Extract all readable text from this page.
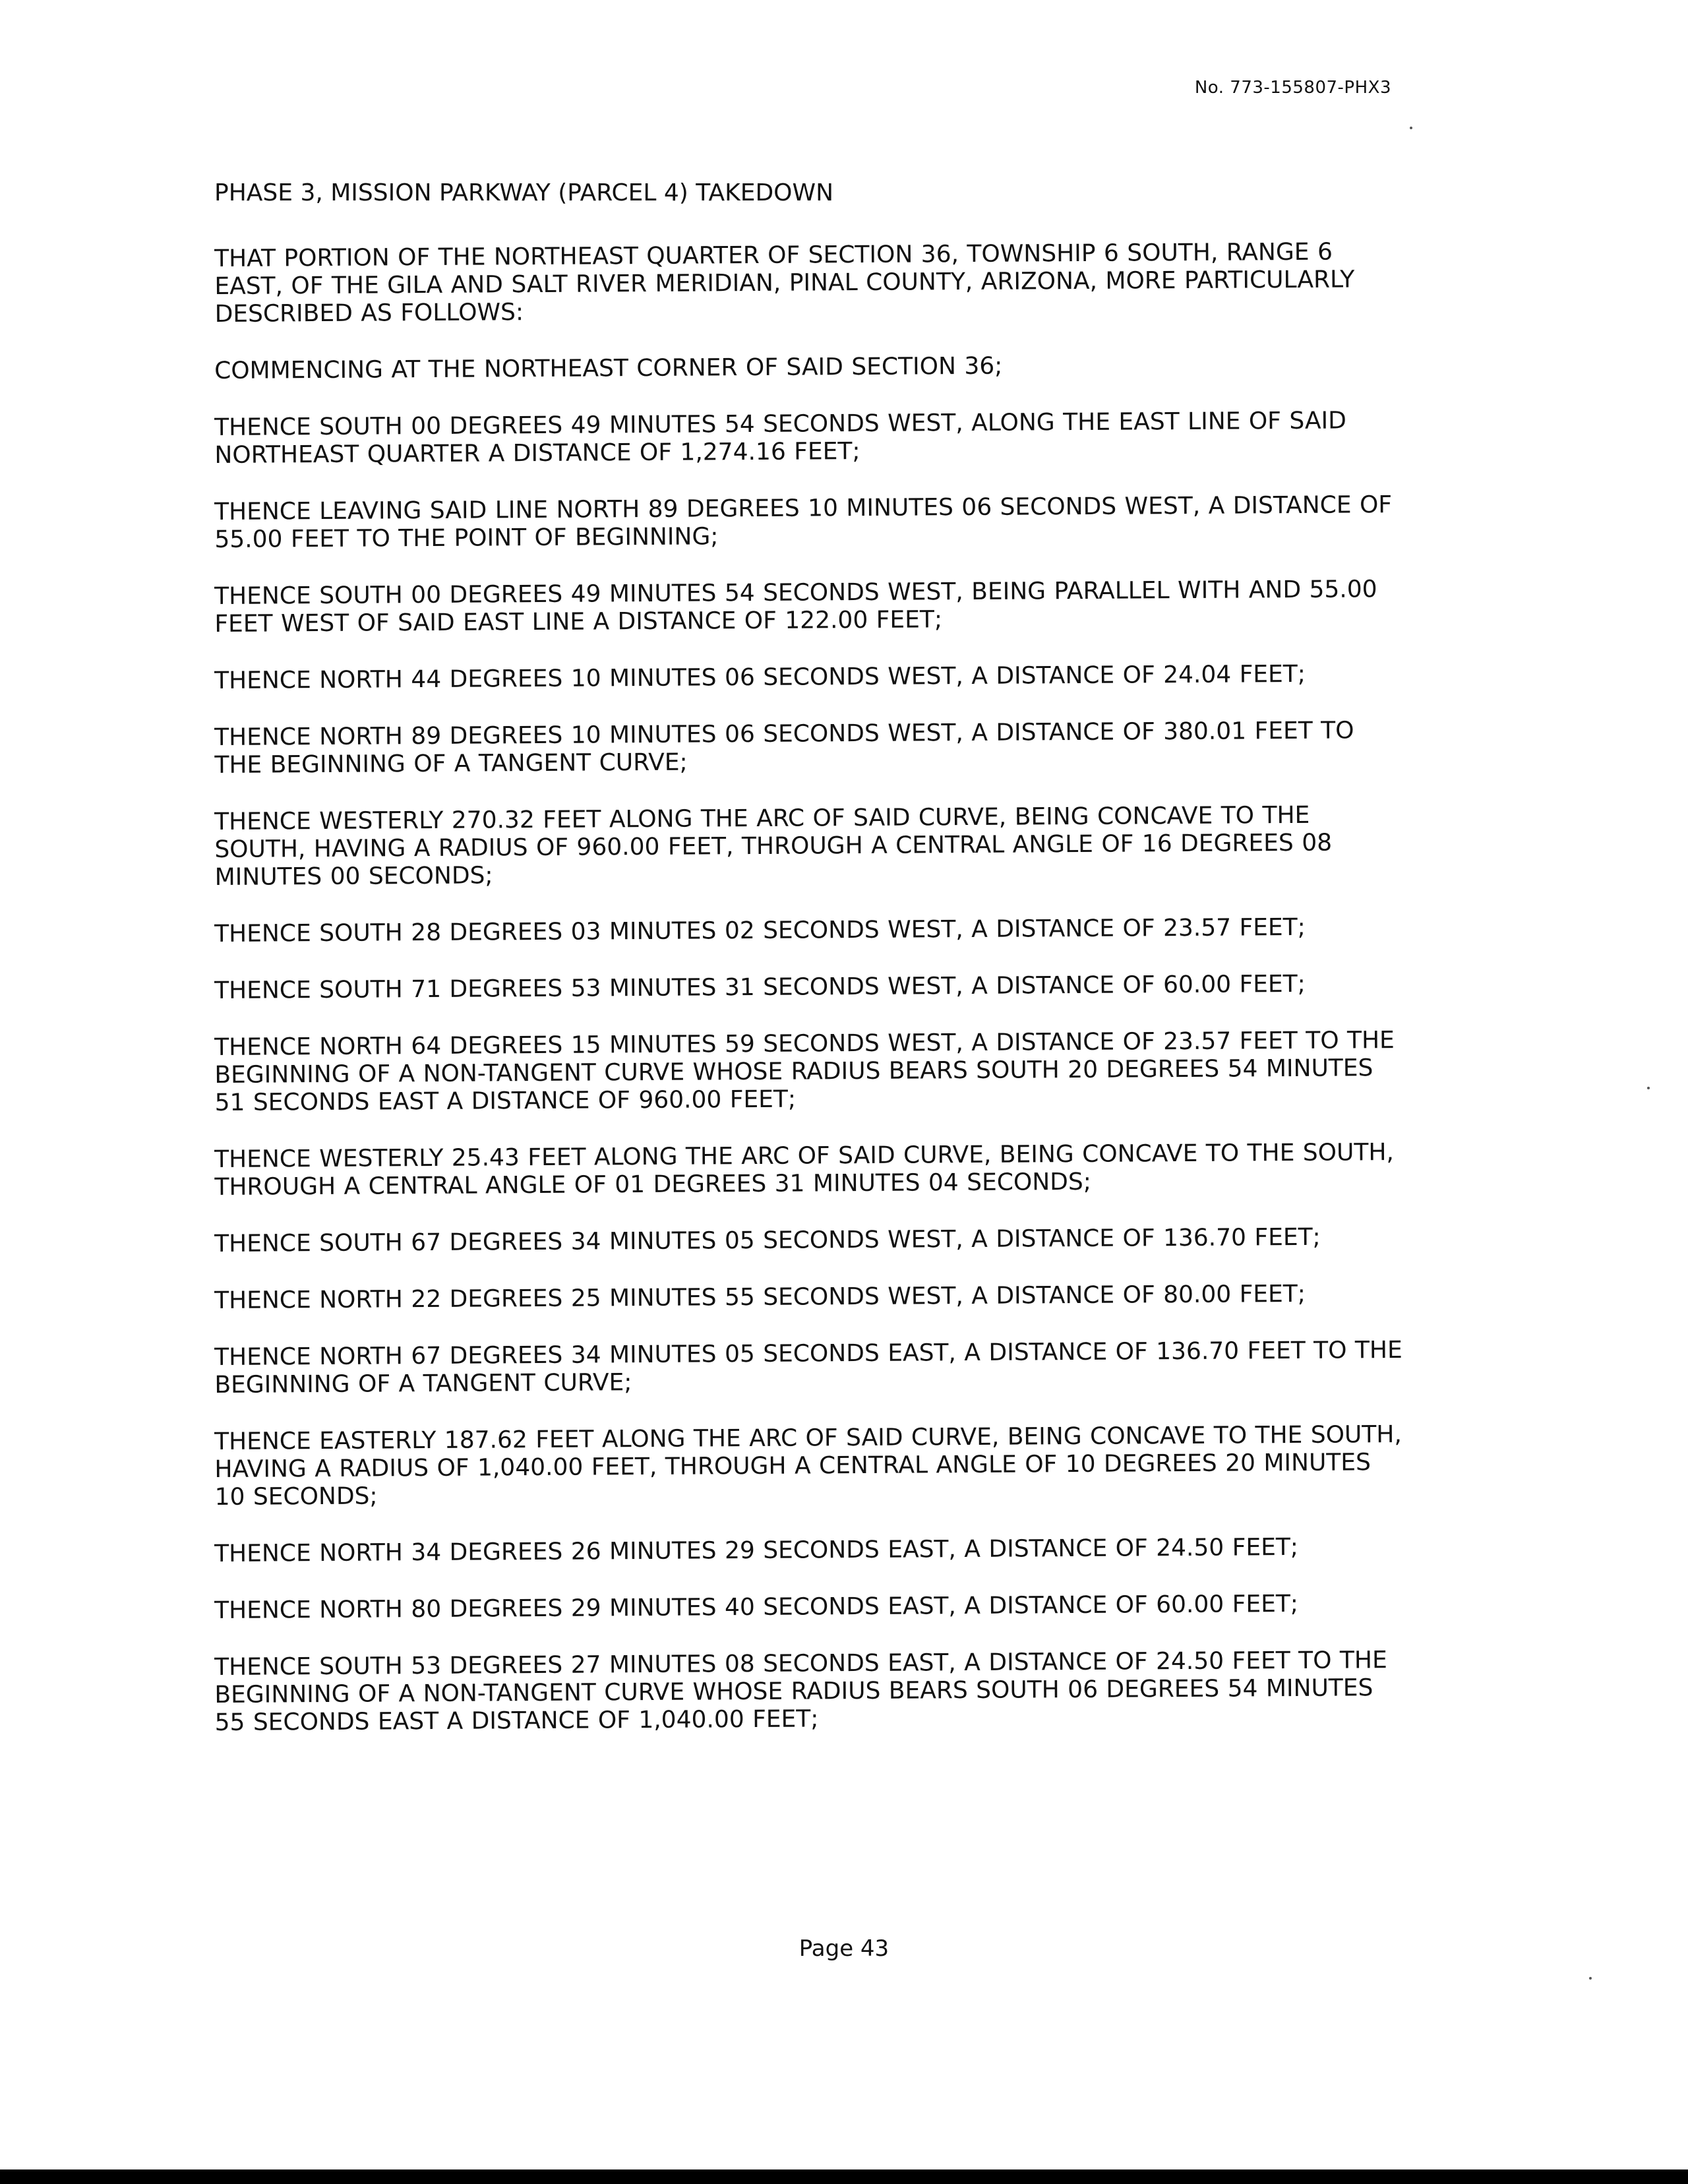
No. 773-155807-PHX3
PHASE 3, MISSION PARKWAY (PARCEL 4) TAKEDOWN
THAT PORTION OF THE NORTHEAST QUARTER OF SECTION 36, TOWNSHIP 6 SOUTH, RANGE 6 EAST, OF THE GILA AND SALT RIVER MERIDIAN, PINAL COUNTY, ARIZONA, MORE PARTICULARLY DESCRIBED AS FOLLOWS:
COMMENCING AT THE NORTHEAST CORNER OF SAID SECTION 36;
THENCE SOUTH 00 DEGREES 49 MINUTES 54 SECONDS WEST, ALONG THE EAST LINE OF SAID NORTHEAST QUARTER A DISTANCE OF 1,274.16 FEET;
THENCE LEAVING SAID LINE NORTH 89 DEGREES 10 MINUTES 06 SECONDS WEST, A DISTANCE OF 55.00 FEET TO THE POINT OF BEGINNING;
THENCE SOUTH 00 DEGREES 49 MINUTES 54 SECONDS WEST, BEING PARALLEL WITH AND 55.00 FEET WEST OF SAID EAST LINE A DISTANCE OF 122.00 FEET;
THENCE NORTH 44 DEGREES 10 MINUTES 06 SECONDS WEST, A DISTANCE OF 24.04 FEET;
THENCE NORTH 89 DEGREES 10 MINUTES 06 SECONDS WEST, A DISTANCE OF 380.01 FEET TO THE BEGINNING OF A TANGENT CURVE;
THENCE WESTERLY 270.32 FEET ALONG THE ARC OF SAID CURVE, BEING CONCAVE TO THE SOUTH, HAVING A RADIUS OF 960.00 FEET, THROUGH A CENTRAL ANGLE OF 16 DEGREES 08 MINUTES 00 SECONDS;
THENCE SOUTH 28 DEGREES 03 MINUTES 02 SECONDS WEST, A DISTANCE OF 23.57 FEET;
THENCE SOUTH 71 DEGREES 53 MINUTES 31 SECONDS WEST, A DISTANCE OF 60.00 FEET;
THENCE NORTH 64 DEGREES 15 MINUTES 59 SECONDS WEST, A DISTANCE OF 23.57 FEET TO THE BEGINNING OF A NON-TANGENT CURVE WHOSE RADIUS BEARS SOUTH 20 DEGREES 54 MINUTES 51 SECONDS EAST A DISTANCE OF 960.00 FEET;
THENCE WESTERLY 25.43 FEET ALONG THE ARC OF SAID CURVE, BEING CONCAVE TO THE SOUTH, THROUGH A CENTRAL ANGLE OF 01 DEGREES 31 MINUTES 04 SECONDS;
THENCE SOUTH 67 DEGREES 34 MINUTES 05 SECONDS WEST, A DISTANCE OF 136.70 FEET;
THENCE NORTH 22 DEGREES 25 MINUTES 55 SECONDS WEST, A DISTANCE OF 80.00 FEET;
THENCE NORTH 67 DEGREES 34 MINUTES 05 SECONDS EAST, A DISTANCE OF 136.70 FEET TO THE BEGINNING OF A TANGENT CURVE;
THENCE EASTERLY 187.62 FEET ALONG THE ARC OF SAID CURVE, BEING CONCAVE TO THE SOUTH, HAVING A RADIUS OF 1,040.00 FEET, THROUGH A CENTRAL ANGLE OF 10 DEGREES 20 MINUTES 10 SECONDS;
THENCE NORTH 34 DEGREES 26 MINUTES 29 SECONDS EAST, A DISTANCE OF 24.50 FEET;
THENCE NORTH 80 DEGREES 29 MINUTES 40 SECONDS EAST, A DISTANCE OF 60.00 FEET;
THENCE SOUTH 53 DEGREES 27 MINUTES 08 SECONDS EAST, A DISTANCE OF 24.50 FEET TO THE BEGINNING OF A NON-TANGENT CURVE WHOSE RADIUS BEARS SOUTH 06 DEGREES 54 MINUTES 55 SECONDS EAST A DISTANCE OF 1,040.00 FEET;
Page 43
